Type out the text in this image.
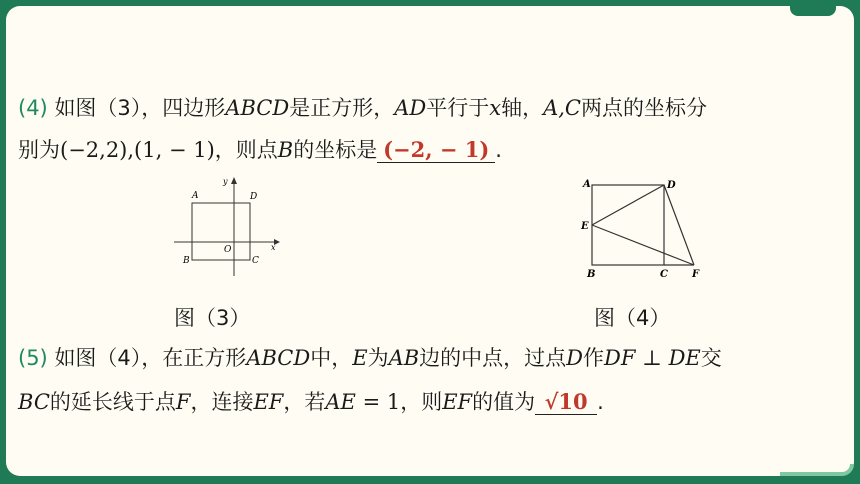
(4) 如图（3），四边形ABCD是正方形，AD平行于x轴，A,C两点的坐标分
别为(−2,2),(1, − 1)，则点B的坐标是 (−2, − 1) .
A	D
B	C
O	x
y	A	D
E
B	C F
图（3）	图（4）
(5) 如图（4），在正方形ABCD中，E为AB边的中点，过点D作DF ⊥ DE交
BC的延长线于点F，连接EF，若AE = 1，则EF的值为 √10 .
